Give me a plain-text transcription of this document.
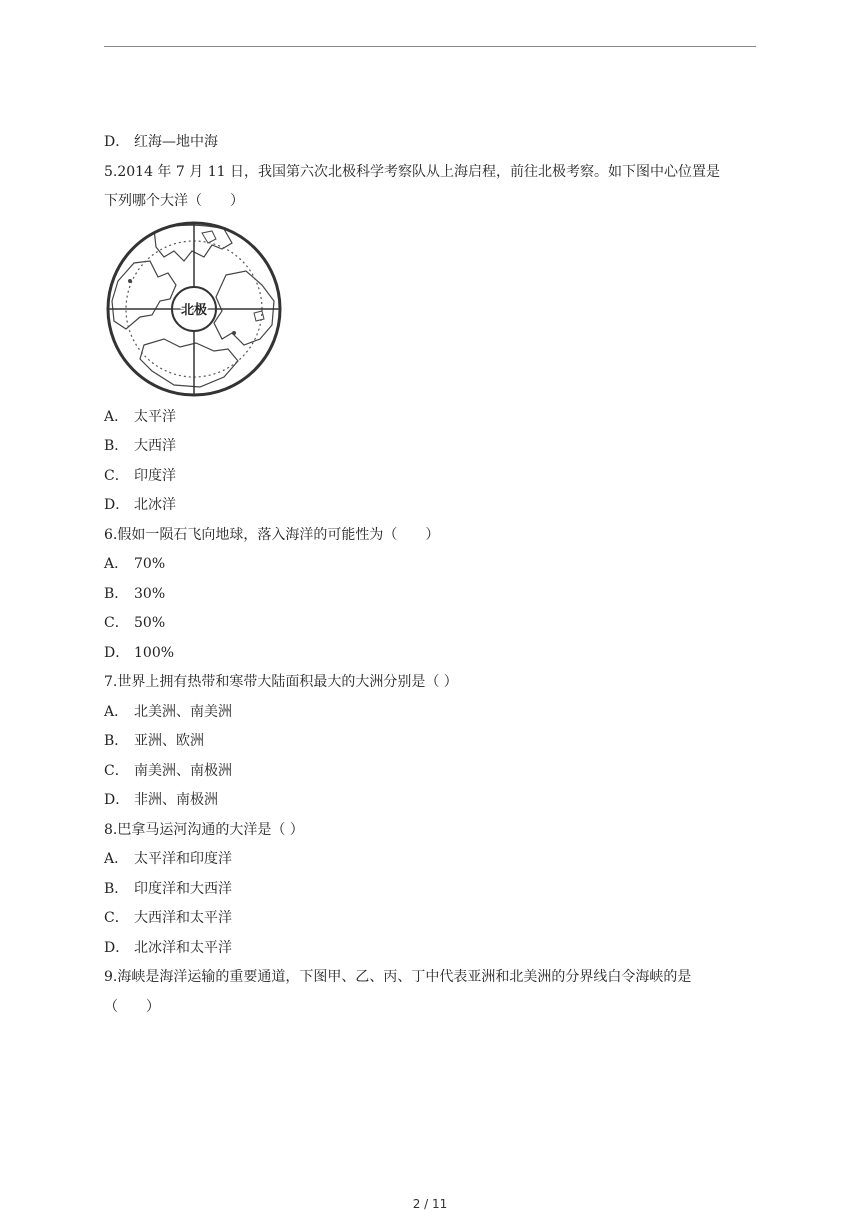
D． 红海—地中海
5.2014 年 7 月 11 日，我国第六次北极科学考察队从上海启程，前往北极考察。如下图中心位置是
下列哪个大洋（　　）
北极
A． 太平洋
B． 大西洋
C． 印度洋
D． 北冰洋
6.假如一陨石飞向地球，落入海洋的可能性为（　　）
A． 70%
B． 30%
C． 50%
D． 100%
7.世界上拥有热带和寒带大陆面积最大的大洲分别是（ ）
A． 北美洲、南美洲
B． 亚洲、欧洲
C． 南美洲、南极洲
D． 非洲、南极洲
8.巴拿马运河沟通的大洋是（ ）
A． 太平洋和印度洋
B． 印度洋和大西洋
C． 大西洋和太平洋
D． 北冰洋和太平洋
9.海峡是海洋运输的重要通道，下图甲、乙、丙、丁中代表亚洲和北美洲的分界线白令海峡的是
（　　）
2 / 11
